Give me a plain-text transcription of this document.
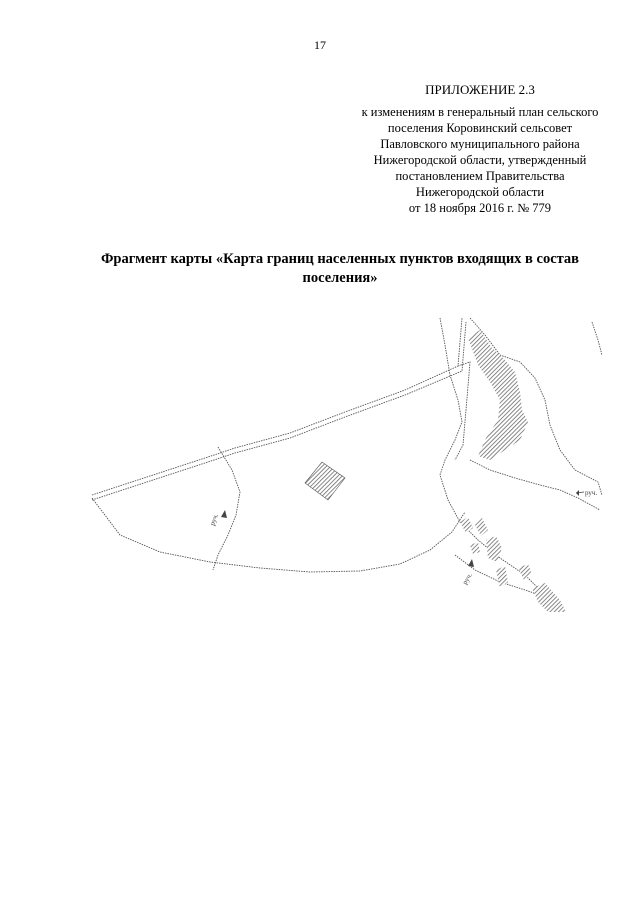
17
ПРИЛОЖЕНИЕ 2.3
к изменениям в генеральный план сельского
поселения Коровинский сельсовет
Павловского муниципального района
Нижегородской области, утвержденный
постановлением Правительства
Нижегородской области
от 18 ноября 2016 г. № 779
Фрагмент карты «Карта границ населенных пунктов входящих в состав
поселения»
руч.
руч.
руч.
